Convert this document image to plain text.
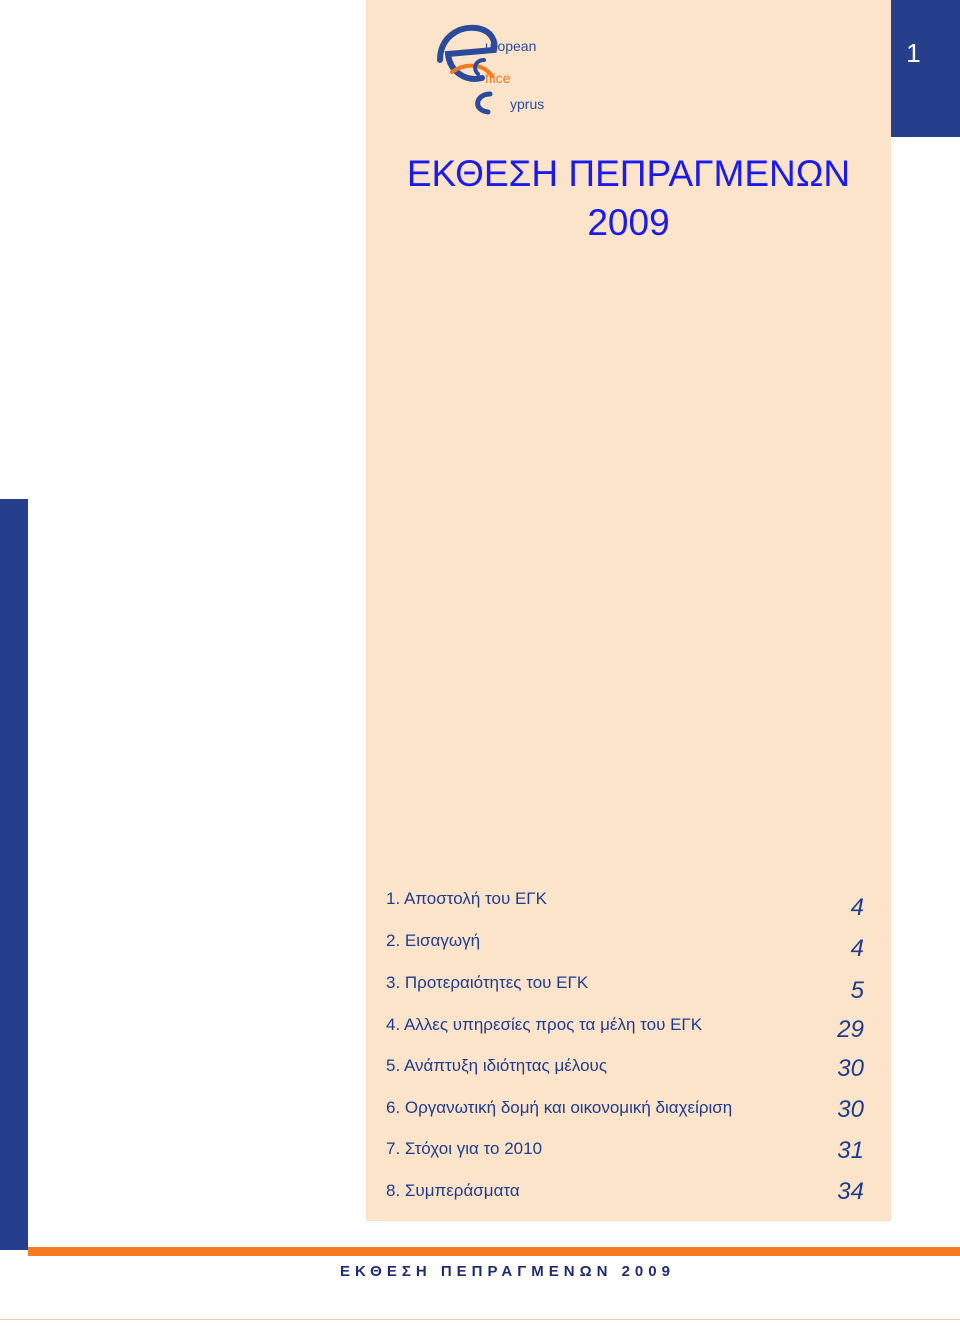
1
uropean
ffice
yprus
ΕΚΘΕΣΗ ΠΕΠΡΑΓΜΕΝΩΝ
2009
1. Αποστολή του ΕΓΚ	4
2. Εισαγωγή	4
3. Προτεραιότητες του ΕΓΚ	5
4. Αλλες υπηρεσίες προς τα μέλη του ΕΓΚ	29
5. Ανάπτυξη ιδιότητας μέλους	30
6. Οργανωτική δομή και οικονομική διαχείριση	30
7. Στόχοι για το 2010	31
8. Συμπεράσματα	34
ΕΚΘΕΣΗ ΠΕΠΡΑΓΜΕΝΩΝ 2009
